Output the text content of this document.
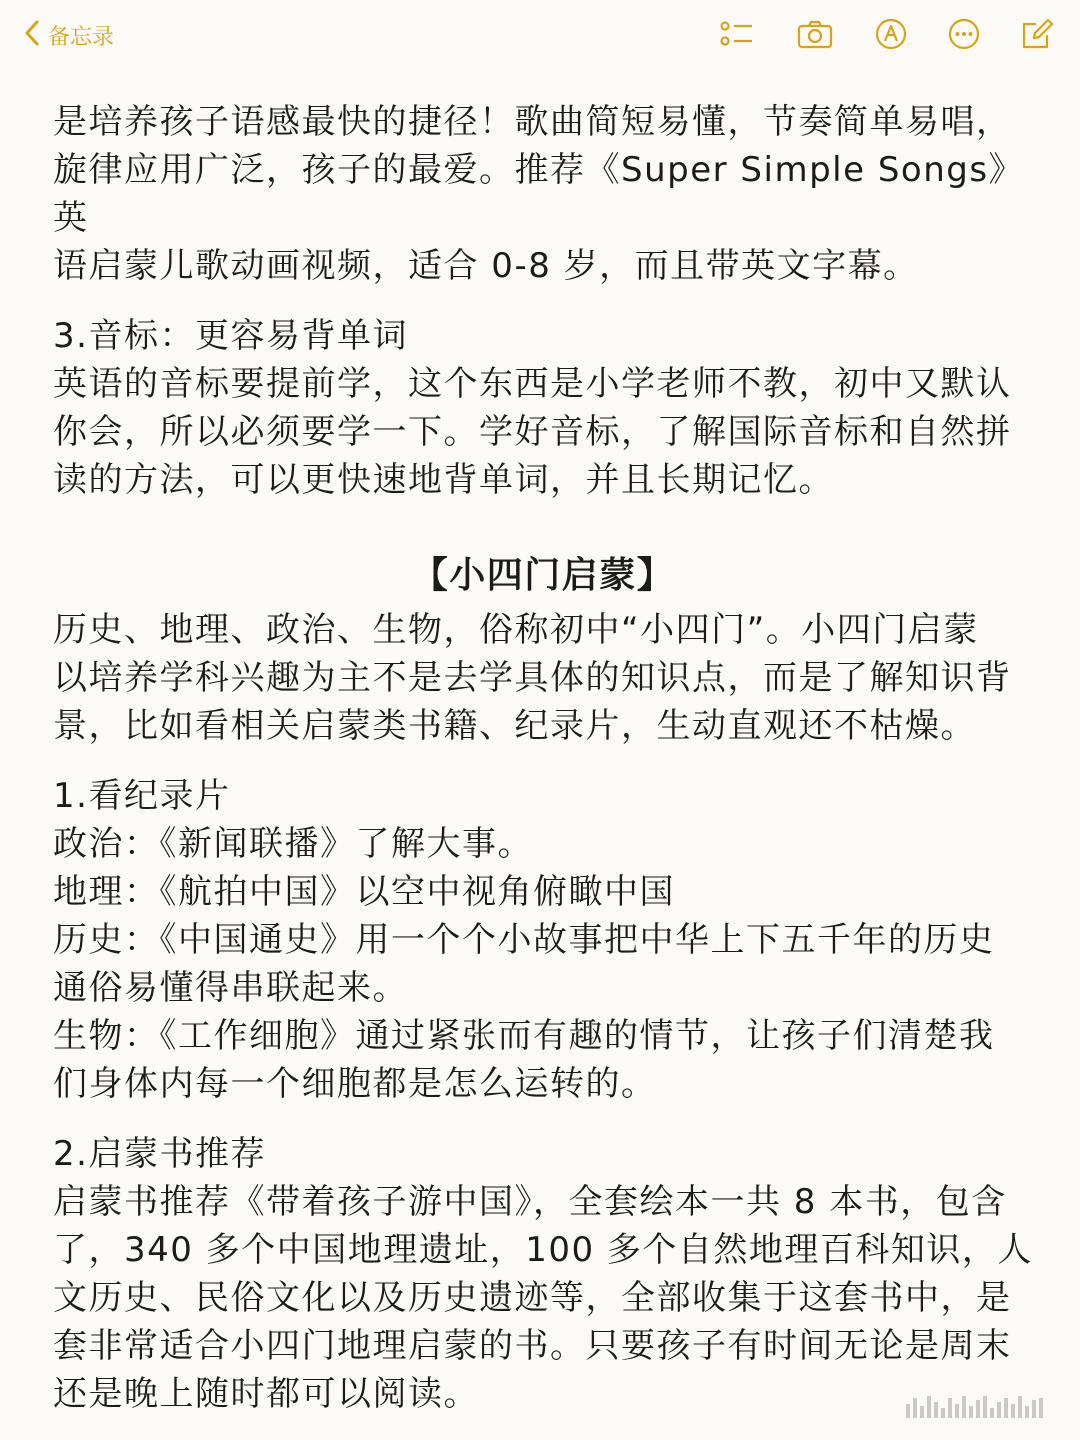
备忘录

是培养孩子语感最快的捷径！歌曲简短易懂，节奏简单易唱，

旋律应用广泛，孩子的最爱。推荐《Super Simple Songs》英

语启蒙儿歌动画视频，适合 0-8 岁，而且带英文字幕。

3.音标：更容易背单词

英语的音标要提前学，这个东西是小学老师不教，初中又默认

你会，所以必须要学一下。学好音标，了解国际音标和自然拼

读的方法，可以更快速地背单词，并且长期记忆。

【小四门启蒙】

历史、地理、政治、生物，俗称初中“小四门”。小四门启蒙

以培养学科兴趣为主不是去学具体的知识点，而是了解知识背

景，比如看相关启蒙类书籍、纪录片，生动直观还不枯燥。

1.看纪录片

政治：《新闻联播》了解大事。

地理：《航拍中国》以空中视角俯瞰中国

历史：《中国通史》用一个个小故事把中华上下五千年的历史

通俗易懂得串联起来。

生物：《工作细胞》通过紧张而有趣的情节，让孩子们清楚我

们身体内每一个细胞都是怎么运转的。

2.启蒙书推荐

启蒙书推荐《带着孩子游中国》，全套绘本一共 8 本书，包含

了，340 多个中国地理遗址，100 多个自然地理百科知识，人

文历史、民俗文化以及历史遗迹等，全部收集于这套书中，是

套非常适合小四门地理启蒙的书。只要孩子有时间无论是周末

还是晚上随时都可以阅读。
